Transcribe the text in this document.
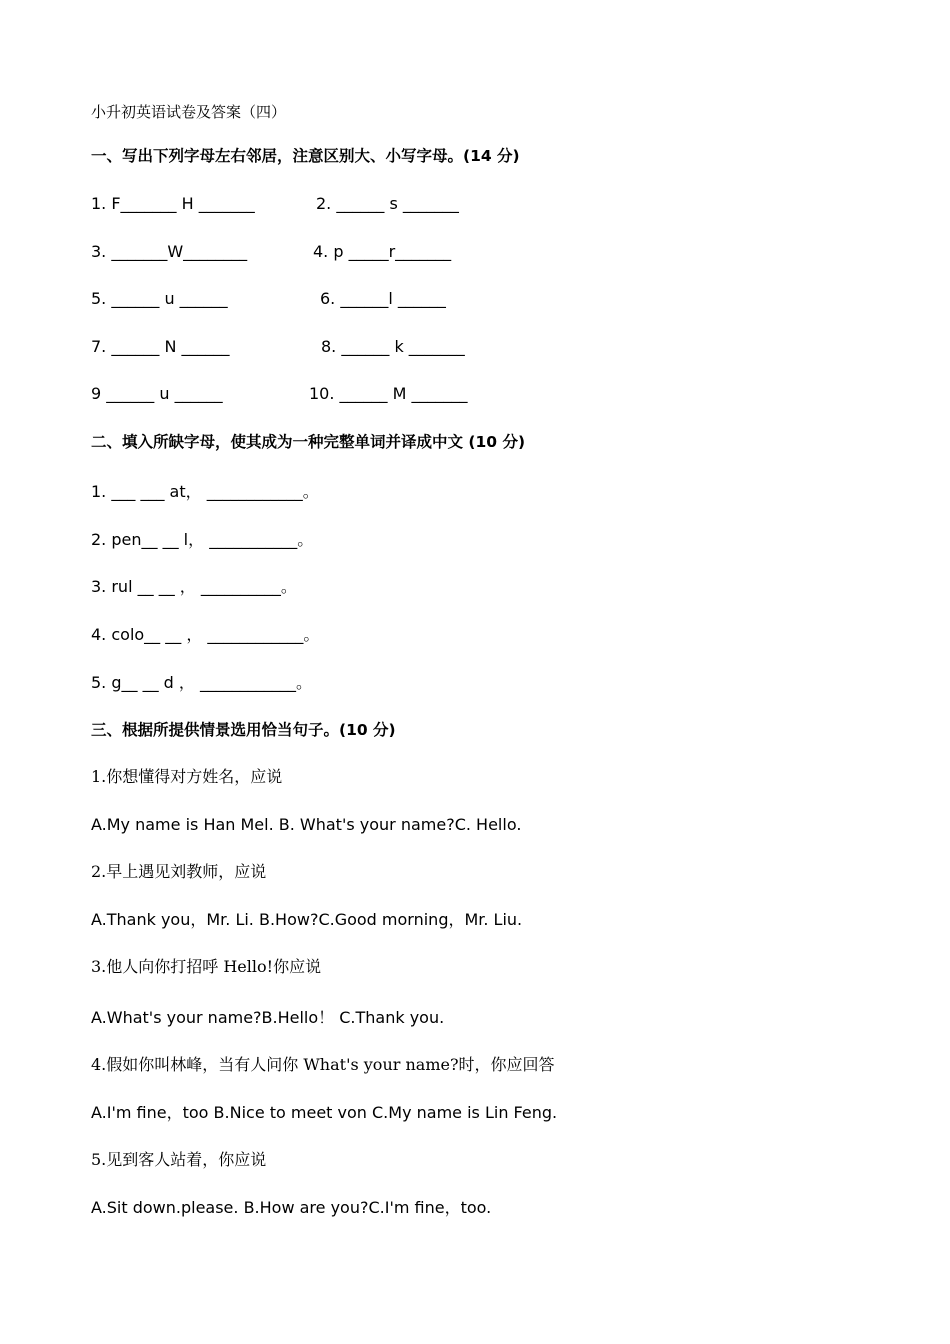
小升初英语试卷及答案（四）
一、写出下列字母左右邻居，注意区别大、小写字母。(14 分)
1. F_______ H _______	2. ______ s _______
3. _______W________	4. p _____r_______
5. ______ u ______	6. ______l ______
7. ______ N ______	8. ______ k _______
9 ______ u ______	10. ______ M _______
二、填入所缺字母，使其成为一种完整单词并译成中文 (10 分)
1. ___ ___ at， ____________。
2. pen__ __ l， ___________。
3. rul __ __ ， __________。
4. colo__ __ ， ____________。
5. g__ __ d ， ____________。
三、根据所提供情景选用恰当句子。(10 分)
1.你想懂得对方姓名，应说
A.My name is Han Mel. B. What's your name?C. Hello.
2.早上遇见刘教师，应说
A.Thank you，Mr. Li. B.How?C.Good morning，Mr. Liu.
3.他人向你打招呼 Hello!你应说
A.What's your name?B.Hello！ C.Thank you.
4.假如你叫林峰，当有人问你 What's your name?时，你应回答
A.I'm fine，too B.Nice to meet von C.My name is Lin Feng.
5.见到客人站着，你应说
A.Sit down.please. B.How are you?C.I'm fine，too.
